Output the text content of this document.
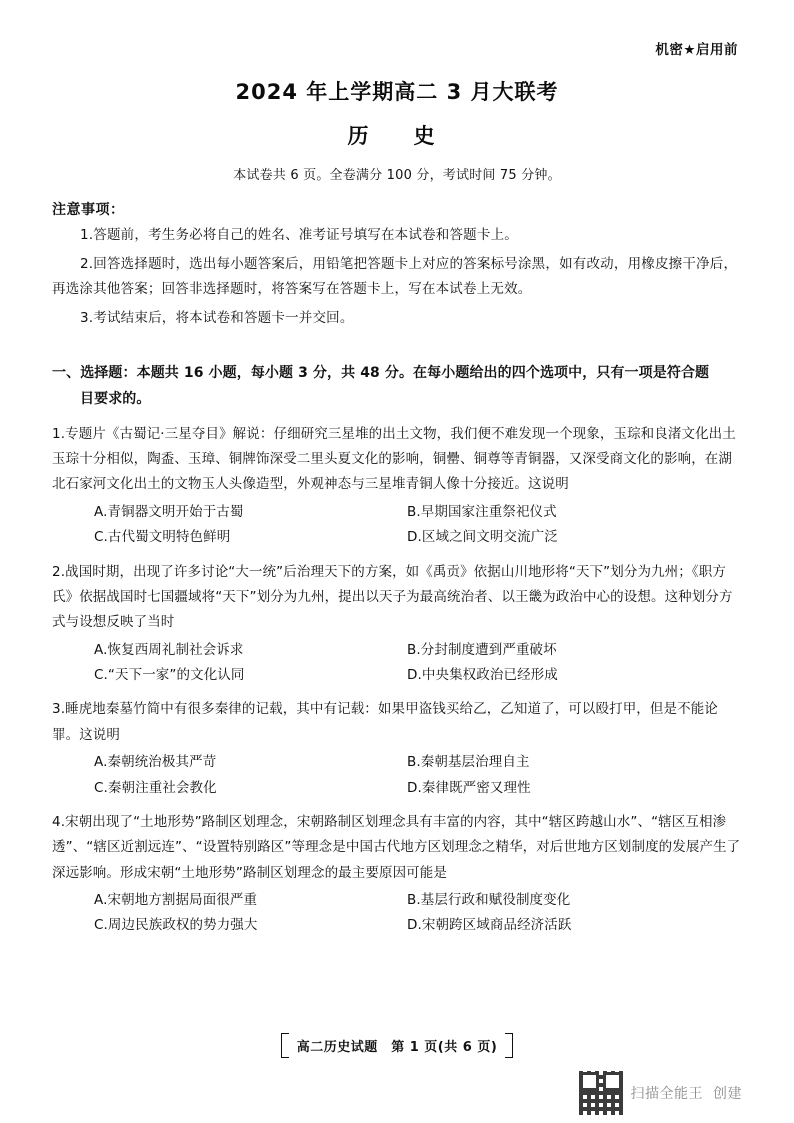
机密★启用前
2024 年上学期高二 3 月大联考
历　史
本试卷共 6 页。全卷满分 100 分，考试时间 75 分钟。
注意事项：
1.答题前，考生务必将自己的姓名、准考证号填写在本试卷和答题卡上。
2.回答选择题时，选出每小题答案后，用铅笔把答题卡上对应的答案标号涂黑，如有改动，用橡皮擦干净后，再选涂其他答案；回答非选择题时，将答案写在答题卡上，写在本试卷上无效。
3.考试结束后，将本试卷和答题卡一并交回。
一、选择题：本题共 16 小题，每小题 3 分，共 48 分。在每小题给出的四个选项中，只有一项是符合题
目要求的。
1.专题片《古蜀记·三星夺目》解说：仔细研究三星堆的出土文物，我们便不难发现一个现象，玉琮和良渚文化出土玉琮十分相似，陶盉、玉璋、铜牌饰深受二里头夏文化的影响，铜罍、铜尊等青铜器，又深受商文化的影响，在湖北石家河文化出土的文物玉人头像造型，外观神态与三星堆青铜人像十分接近。这说明
A.青铜器文明开始于古蜀	B.早期国家注重祭祀仪式
C.古代蜀文明特色鲜明	D.区域之间文明交流广泛
2.战国时期，出现了许多讨论“大一统”后治理天下的方案，如《禹贡》依据山川地形将“天下”划分为九州；《职方氏》依据战国时七国疆域将“天下”划分为九州，提出以天子为最高统治者、以王畿为政治中心的设想。这种划分方式与设想反映了当时
A.恢复西周礼制社会诉求	B.分封制度遭到严重破坏
C.“天下一家”的文化认同	D.中央集权政治已经形成
3.睡虎地秦墓竹简中有很多秦律的记载，其中有记载：如果甲盗钱买给乙，乙知道了，可以殴打甲，但是不能论罪。这说明
A.秦朝统治极其严苛	B.秦朝基层治理自主
C.秦朝注重社会教化	D.秦律既严密又理性
4.宋朝出现了“土地形势”路制区划理念，宋朝路制区划理念具有丰富的内容，其中“辖区跨越山水”、“辖区互相渗透”、“辖区近割远连”、“设置特别路区”等理念是中国古代地方区划理念之精华，对后世地方区划制度的发展产生了深远影响。形成宋朝“土地形势”路制区划理念的最主要原因可能是
A.宋朝地方割据局面很严重	B.基层行政和赋役制度变化
C.周边民族政权的势力强大	D.宋朝跨区域商品经济活跃
高二历史试题　第 1 页(共 6 页)
扫描全能王 创建
